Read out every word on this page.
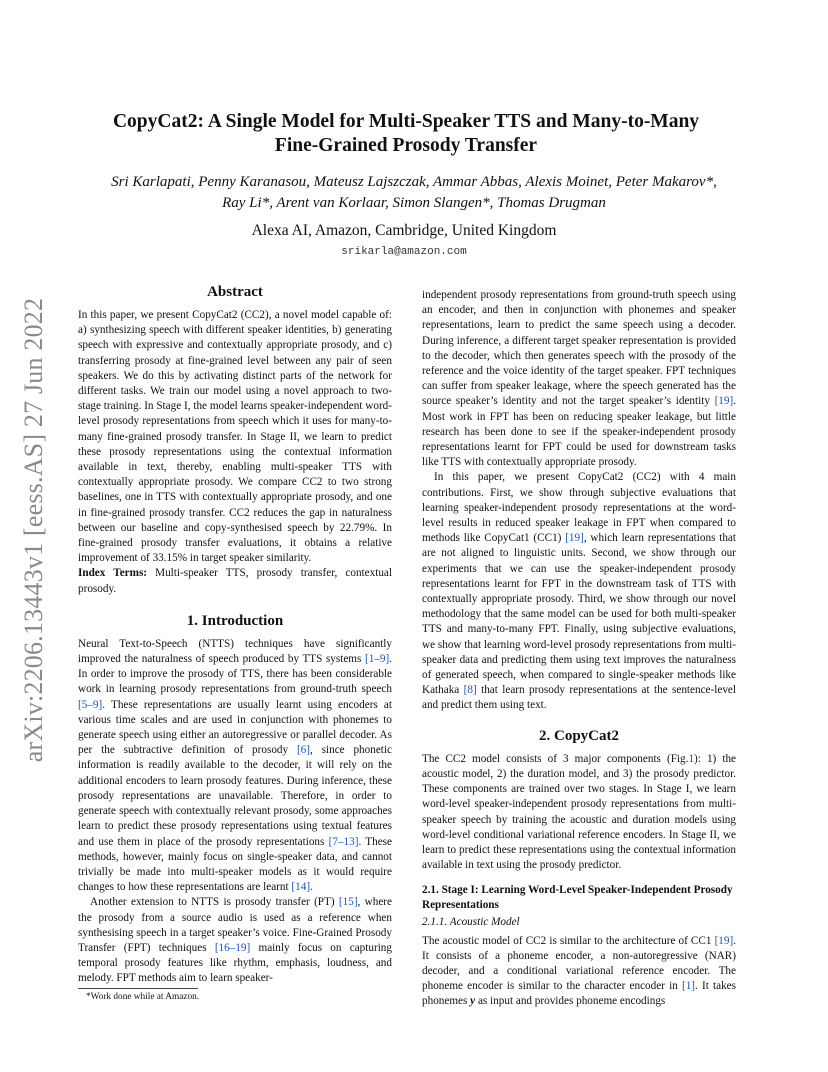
arXiv:2206.13443v1 [eess.AS] 27 Jun 2022
CopyCat2: A Single Model for Multi-Speaker TTS and Many-to-Many
Fine-Grained Prosody Transfer
Sri Karlapati, Penny Karanasou, Mateusz Lajszczak, Ammar Abbas, Alexis Moinet, Peter Makarov*,
Ray Li*, Arent van Korlaar, Simon Slangen*, Thomas Drugman
Alexa AI, Amazon, Cambridge, United Kingdom
srikarla@amazon.com
Abstract

In this paper, we present CopyCat2 (CC2), a novel model capable of: a) synthesizing speech with different speaker identities, b) generating speech with expressive and contextually appropriate prosody, and c) transferring prosody at fine-grained level between any pair of seen speakers. We do this by activating distinct parts of the network for different tasks. We train our model using a novel approach to two-stage training. In Stage I, the model learns speaker-independent word-level prosody representations from speech which it uses for many-to-many fine-grained prosody transfer. In Stage II, we learn to predict these prosody representations using the contextual information available in text, thereby, enabling multi-speaker TTS with contextually appropriate prosody. We compare CC2 to two strong baselines, one in TTS with contextually appropriate prosody, and one in fine-grained prosody transfer. CC2 reduces the gap in naturalness between our baseline and copy-synthesised speech by 22.79%. In fine-grained prosody transfer evaluations, it obtains a relative improvement of 33.15% in target speaker similarity.

Index Terms: Multi-speaker TTS, prosody transfer, contextual prosody.

1. Introduction

Neural Text-to-Speech (NTTS) techniques have significantly improved the naturalness of speech produced by TTS systems [1–9]. In order to improve the prosody of TTS, there has been considerable work in learning prosody representations from ground-truth speech [5–9]. These representations are usually learnt using encoders at various time scales and are used in conjunction with phonemes to generate speech using either an autoregressive or parallel decoder. As per the subtractive definition of prosody [6], since phonetic information is readily available to the decoder, it will rely on the additional encoders to learn prosody features. During inference, these prosody representations are unavailable. Therefore, in order to generate speech with contextually relevant prosody, some approaches learn to predict these prosody representations using textual features and use them in place of the prosody representations [7–13]. These methods, however, mainly focus on single-speaker data, and cannot trivially be made into multi-speaker models as it would require changes to how these representations are learnt [14].

Another extension to NTTS is prosody transfer (PT) [15], where the prosody from a source audio is used as a reference when synthesising speech in a target speaker’s voice. Fine-Grained Prosody Transfer (FPT) techniques [16–19] mainly focus on capturing temporal prosody features like rhythm, emphasis, loudness, and melody. FPT methods aim to learn speaker-

independent prosody representations from ground-truth speech using an encoder, and then in conjunction with phonemes and speaker representations, learn to predict the same speech using a decoder. During inference, a different target speaker representation is provided to the decoder, which then generates speech with the prosody of the reference and the voice identity of the target speaker. FPT techniques can suffer from speaker leakage, where the speech generated has the source speaker’s identity and not the target speaker’s identity [19]. Most work in FPT has been on reducing speaker leakage, but little research has been done to see if the speaker-independent prosody representations learnt for FPT could be used for downstream tasks like TTS with contextually appropriate prosody.

In this paper, we present CopyCat2 (CC2) with 4 main contributions. First, we show through subjective evaluations that learning speaker-independent prosody representations at the word-level results in reduced speaker leakage in FPT when compared to methods like CopyCat1 (CC1) [19], which learn representations that are not aligned to linguistic units. Second, we show through our experiments that we can use the speaker-independent prosody representations learnt for FPT in the downstream task of TTS with contextually appropriate prosody. Third, we show through our novel methodology that the same model can be used for both multi-speaker TTS and many-to-many FPT. Finally, using subjective evaluations, we show that learning word-level prosody representations from multi-speaker data and predicting them using text improves the naturalness of generated speech, when compared to single-speaker methods like Kathaka [8] that learn prosody representations at the sentence-level and predict them using text.

2. CopyCat2

The CC2 model consists of 3 major components (Fig.1): 1) the acoustic model, 2) the duration model, and 3) the prosody predictor. These components are trained over two stages. In Stage I, we learn word-level speaker-independent prosody representations from multi-speaker speech by training the acoustic and duration models using word-level conditional variational reference encoders. In Stage II, we learn to predict these representations using the contextual information available in text using the prosody predictor.

2.1. Stage I: Learning Word-Level Speaker-Independent Prosody Representations
2.1.1. Acoustic Model

The acoustic model of CC2 is similar to the architecture of CC1 [19]. It consists of a phoneme encoder, a non-autoregressive (NAR) decoder, and a conditional variational reference encoder. The phoneme encoder is similar to the character encoder in [1]. It takes phonemes y as input and provides phoneme encodings

*Work done while at Amazon.
